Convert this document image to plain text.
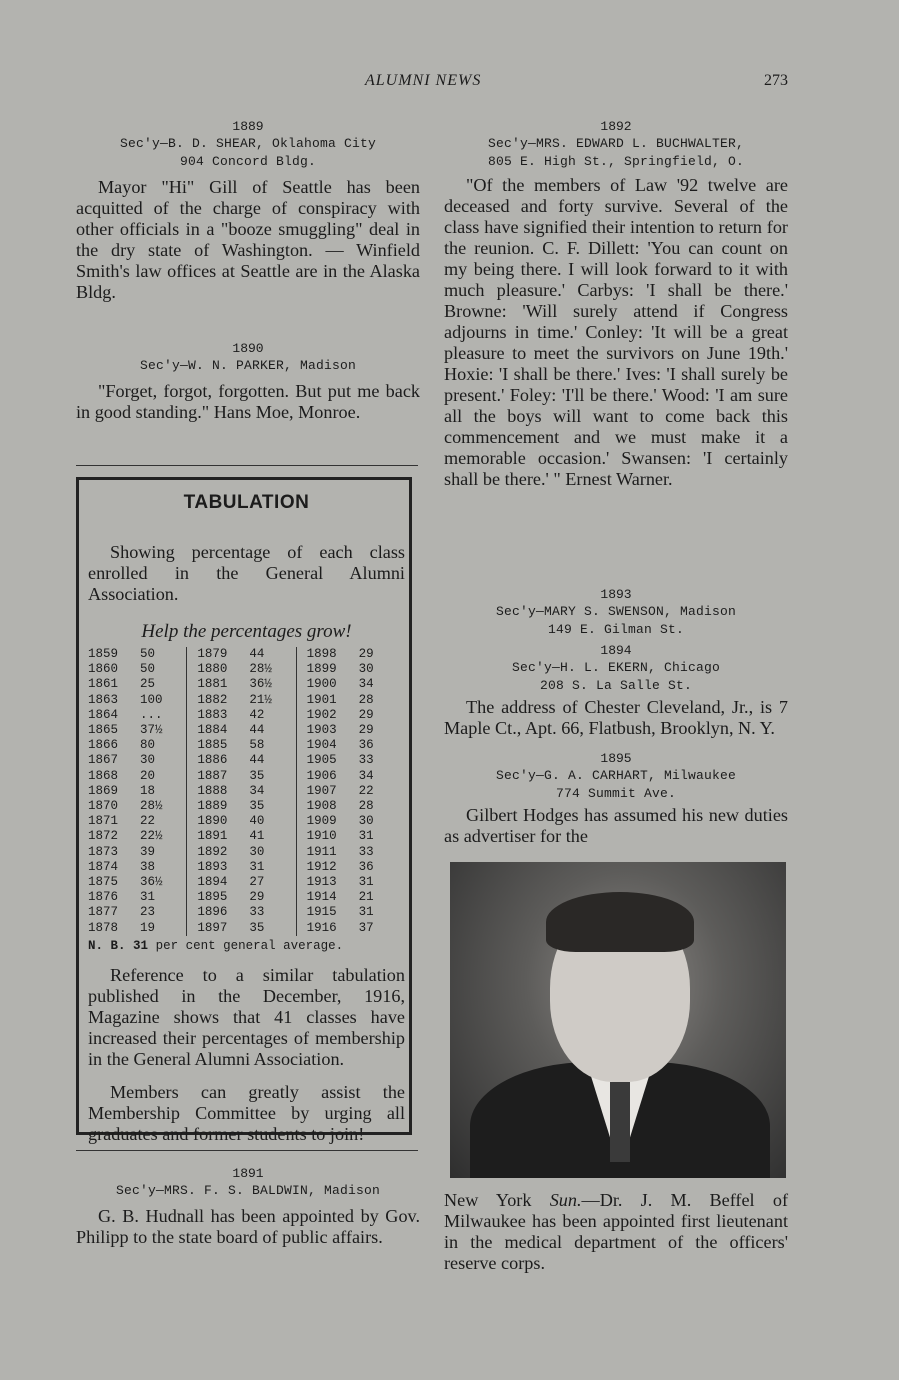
ALUMNI NEWS	273

1889

Sec'y—B. D. SHEAR, Oklahoma City

904 Concord Bldg.

Mayor "Hi" Gill of Seattle has been acquitted of the charge of conspiracy with other officials in a "booze smuggling" deal in the dry state of Washington. — Winfield Smith's law offices at Seattle are in the Alaska Bldg.

1890

Sec'y—W. N. PARKER, Madison

"Forget, forgot, forgotten. But put me back in good standing." Hans Moe, Monroe.

TABULATION

Showing percentage of each class enrolled in the General Alumni Association.

Help the percentages grow!
1859	50
1860	50
1861	25
1863	100
1864	...
1865	37½
1866	80
1867	30
1868	20
1869	18
1870	28½
1871	22
1872	22½
1873	39
1874	38
1875	36½
1876	31
1877	23
1878	19
1879	44
1880	28½
1881	36½
1882	21½
1883	42
1884	44
1885	58
1886	44
1887	35
1888	34
1889	35
1890	40
1891	41
1892	30
1893	31
1894	27
1895	29
1896	33
1897	35
1898	29
1899	30
1900	34
1901	28
1902	29
1903	29
1904	36
1905	33
1906	34
1907	22
1908	28
1909	30
1910	31
1911	33
1912	36
1913	31
1914	21
1915	31
1916	37
N. B. 31 per cent general average.

Reference to a similar tabulation published in the December, 1916, Magazine shows that 41 classes have increased their percentages of membership in the General Alumni Association.

Members can greatly assist the Membership Committee by urging all graduates and former students to join!

1891

Sec'y—MRS. F. S. BALDWIN, Madison

G. B. Hudnall has been appointed by Gov. Philipp to the state board of public affairs.

1892

Sec'y—MRS. EDWARD L. BUCHWALTER,

805 E. High St., Springfield, O.

"Of the members of Law '92 twelve are deceased and forty survive. Several of the class have signified their intention to return for the reunion. C. F. Dillett: 'You can count on my being there. I will look forward to it with much pleasure.' Carbys: 'I shall be there.' Browne: 'Will surely attend if Congress adjourns in time.' Conley: 'It will be a great pleasure to meet the survivors on June 19th.' Hoxie: 'I shall be there.' Ives: 'I shall surely be present.' Foley: 'I'll be there.' Wood: 'I am sure all the boys will want to come back this commencement and we must make it a memorable occasion.' Swansen: 'I certainly shall be there.' " Ernest Warner.

1893

Sec'y—MARY S. SWENSON, Madison

149 E. Gilman St.

1894

Sec'y—H. L. EKERN, Chicago

208 S. La Salle St.

The address of Chester Cleveland, Jr., is 7 Maple Ct., Apt. 66, Flatbush, Brooklyn, N. Y.

1895

Sec'y—G. A. CARHART, Milwaukee

774 Summit Ave.

Gilbert Hodges has assumed his new duties as advertiser for the

New York Sun.—Dr. J. M. Beffel of Milwaukee has been appointed first lieutenant in the medical department of the officers' reserve corps.
